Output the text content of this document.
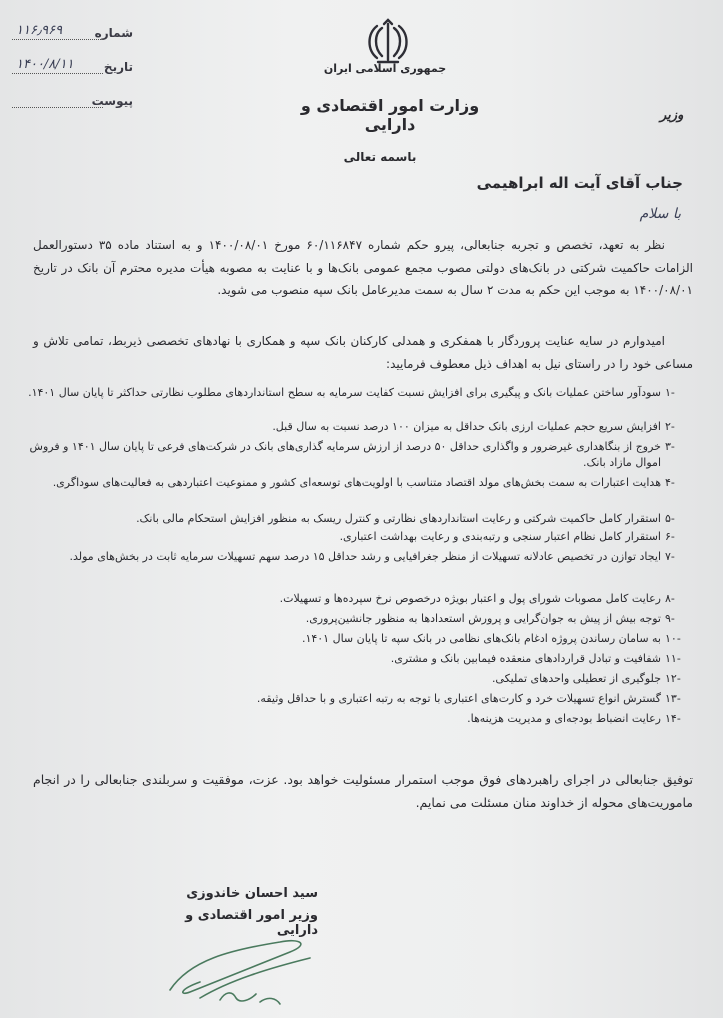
شماره
۱۱۶٫۹۶۹
تاریخ
۱۴۰۰/۸/۱۱
پیوست
جمهوری اسلامی ایران
وزارت امور اقتصادی و دارایی	وزیر
باسمه تعالی
جناب آقای آیت اله ابراهیمی
با سلام
نظر به تعهد، تخصص و تجربه جنابعالی، پیرو حکم شماره ۶۰/۱۱۶۸۴۷ مورخ ۱۴۰۰/۰۸/۰۱ و به استناد ماده ۳۵ دستورالعمل الزامات حاکمیت شرکتی در بانک‌های دولتی مصوب مجمع عمومی بانک‌ها و با عنایت به مصوبه هیأت مدیره محترم آن بانک در تاریخ ۱۴۰۰/۰۸/۰۱ به موجب این حکم به مدت ۲ سال به سمت مدیرعامل بانک سپه منصوب می شوید.
امیدوارم در سایه عنایت پروردگار با همفکری و همدلی کارکنان بانک سپه و همکاری با نهادهای تخصصی ذیربط، تمامی تلاش و مساعی خود را در راستای نیل به اهداف ذیل معطوف فرمایید:
-۱
سودآور ساختن عملیات بانک و پیگیری برای افزایش نسبت کفایت سرمایه به سطح استانداردهای مطلوب نظارتی حداکثر تا پایان سال ۱۴۰۱.
-۲
افزایش سریع حجم عملیات ارزی بانک حداقل به میزان ۱۰۰ درصد نسبت به سال قبل.
-۳
خروج از بنگاهداری غیرضرور و واگذاری حداقل ۵۰ درصد از ارزش سرمایه گذاری‌های بانک در شرکت‌های فرعی تا پایان سال ۱۴۰۱ و فروش اموال مازاد بانک.
-۴
هدایت اعتبارات به سمت بخش‌های مولد اقتصاد متناسب با اولویت‌های توسعه‌ای کشور و ممنوعیت اعتباردهی به فعالیت‌های سوداگری.
-۵
استقرار کامل حاکمیت شرکتی و رعایت استانداردهای نظارتی و کنترل ریسک به منظور افزایش استحکام مالی بانک.
-۶
استقرار کامل نظام اعتبار سنجی و رتبه‌بندی و رعایت بهداشت اعتباری.
-۷
ایجاد توازن در تخصیص عادلانه تسهیلات از منظر جغرافیایی و رشد حداقل ۱۵ درصد سهم تسهیلات سرمایه ثابت در بخش‌های مولد.
-۸
رعایت کامل مصوبات شورای پول و اعتبار بویژه درخصوص نرخ سپرده‌ها و تسهیلات.
-۹
توجه بیش از پیش به جوان‌گرایی و پرورش استعدادها به منظور جانشین‌پروری.
-۱۰
به سامان رساندن پروژه ادغام بانک‌های نظامی در بانک سپه تا پایان سال ۱۴۰۱.
-۱۱
شفافیت و تبادل قراردادهای منعقده فیمابین بانک و مشتری.
-۱۲
جلوگیری از تعطیلی واحدهای تملیکی.
-۱۳
گسترش انواع تسهیلات خرد و کارت‌های اعتباری با توجه به رتبه اعتباری و با حداقل وثیقه.
-۱۴
رعایت انضباط بودجه‌ای و مدیریت هزینه‌ها.
توفیق جنابعالی در اجرای راهبردهای فوق موجب استمرار مسئولیت خواهد بود. عزت، موفقیت و سربلندی جنابعالی را در انجام ماموریت‌های محوله از خداوند منان مسئلت می نمایم.
سید احسان خاندوزی
وزیر امور اقتصادی و دارایی
